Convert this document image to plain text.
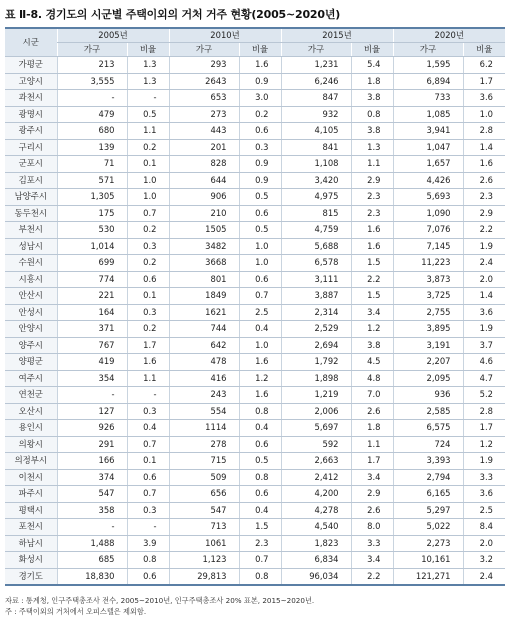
표 Ⅱ-8. 경기도의 시군별 주택이외의 거처 거주 현황(2005~2020년)
시군	2005년		2010년		2015년		2020년	
	가구	비율	가구	비율	가구	비율	가구	비율
가평군	213	1.3	293	1.6	1,231	5.4	1,595	6.2
고양시	3,555	1.3	2643	0.9	6,246	1.8	6,894	1.7
과천시	-	-	653	3.0	847	3.8	733	3.6
광명시	479	0.5	273	0.2	932	0.8	1,085	1.0
광주시	680	1.1	443	0.6	4,105	3.8	3,941	2.8
구리시	139	0.2	201	0.3	841	1.3	1,047	1.4
군포시	71	0.1	828	0.9	1,108	1.1	1,657	1.6
김포시	571	1.0	644	0.9	3,420	2.9	4,426	2.6
남양주시	1,305	1.0	906	0.5	4,975	2.3	5,693	2.3
동두천시	175	0.7	210	0.6	815	2.3	1,090	2.9
부천시	530	0.2	1505	0.5	4,759	1.6	7,076	2.2
성남시	1,014	0.3	3482	1.0	5,688	1.6	7,145	1.9
수원시	699	0.2	3668	1.0	6,578	1.5	11,223	2.4
시흥시	774	0.6	801	0.6	3,111	2.2	3,873	2.0
안산시	221	0.1	1849	0.7	3,887	1.5	3,725	1.4
안성시	164	0.3	1621	2.5	2,314	3.4	2,755	3.6
안양시	371	0.2	744	0.4	2,529	1.2	3,895	1.9
양주시	767	1.7	642	1.0	2,694	3.8	3,191	3.7
양평군	419	1.6	478	1.6	1,792	4.5	2,207	4.6
여주시	354	1.1	416	1.2	1,898	4.8	2,095	4.7
연천군	-	-	243	1.6	1,219	7.0	936	5.2
오산시	127	0.3	554	0.8	2,006	2.6	2,585	2.8
용인시	926	0.4	1114	0.4	5,697	1.8	6,575	1.7
의왕시	291	0.7	278	0.6	592	1.1	724	1.2
의정부시	166	0.1	715	0.5	2,663	1.7	3,393	1.9
이천시	374	0.6	509	0.8	2,412	3.4	2,794	3.3
파주시	547	0.7	656	0.6	4,200	2.9	6,165	3.6
평택시	358	0.3	547	0.4	4,278	2.6	5,297	2.5
포천시	-	-	713	1.5	4,540	8.0	5,022	8.4
하남시	1,488	3.9	1061	2.3	1,823	3.3	2,273	2.0
화성시	685	0.8	1,123	0.7	6,834	3.4	10,161	3.2
경기도	18,830	0.6	29,813	0.8	96,034	2.2	121,271	2.4
자료 : 통계청, 인구주택총조사 전수, 2005~2010년, 인구주택총조사 20% 표본, 2015~2020년.
주 : 주택이외의 거처에서 오피스텔은 제외함.
